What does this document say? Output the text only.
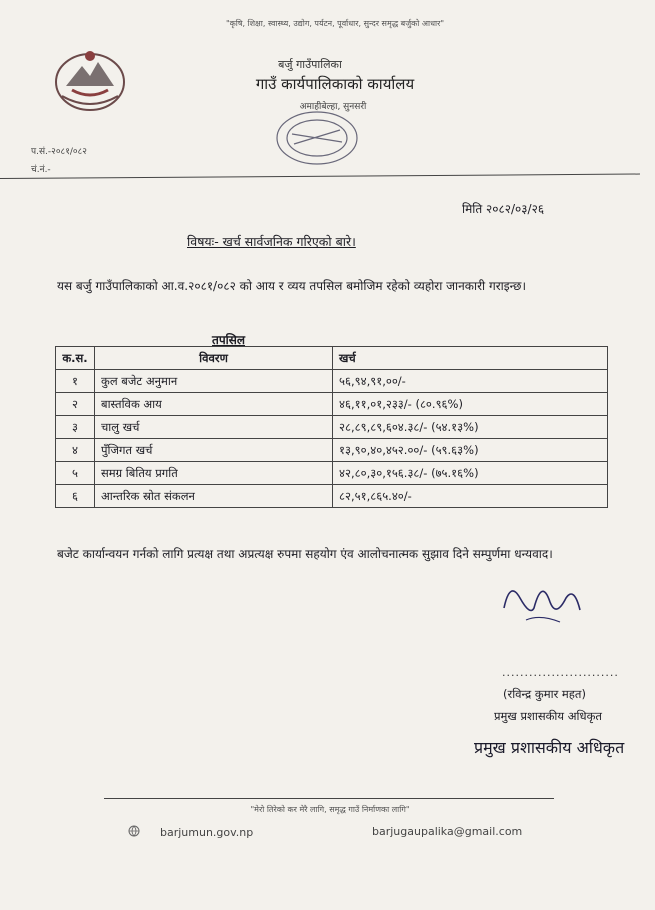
"कृषि, शिक्षा, स्वास्थ्य, उद्योग, पर्यटन, पूर्वाधार, सुन्दर समृद्ध बर्जुको आधार"
बर्जु गाउँपालिका
गाउँ कार्यपालिकाको कार्यालय
अमाहीबेल्हा, सुनसरी
प.सं.-२०८१/०८२
चं.नं.-
मिति २०८२/०३/२६
विषयः- खर्च सार्वजनिक गरिएको बारे।
यस बर्जु गाउँपालिकाको आ.व.२०८१/०८२ को आय र व्यय तपसिल बमोजिम रहेको व्यहोरा जानकारी गराइन्छ।
तपसिल
क.स.	विवरण	खर्च
१	कुल बजेट अनुमान	५६,९४,९१,००/-
२	बास्तविक आय	४६,११,०१,२३३/- (८०.९६%)
३	चालु खर्च	२८,८९,८९,६०४.३८/- (५४.१३%)
४	पुँजिगत खर्च	१३,९०,४०,४५२.००/- (५९.६३%)
५	समग्र बितिय प्रगति	४२,८०,३०,१५६.३८/- (७५.१६%)
६	आन्तरिक स्रोत संकलन	८२,५१,८६५.४०/-
बजेट कार्यान्वयन गर्नको लागि प्रत्यक्ष तथा अप्रत्यक्ष रुपमा सहयोग एंव आलोचनात्मक सुझाव दिने सम्पुर्णमा धन्यवाद।
..........................
(रविन्द्र कुमार महत)
प्रमुख प्रशासकीय अधिकृत
प्रमुख प्रशासकीय अधिकृत
"मेरो तिरेको कर मेरै लागि, समृद्ध गाउँ निर्माणका लागि"
barjumun.gov.np	barjugaupalika@gmail.com
